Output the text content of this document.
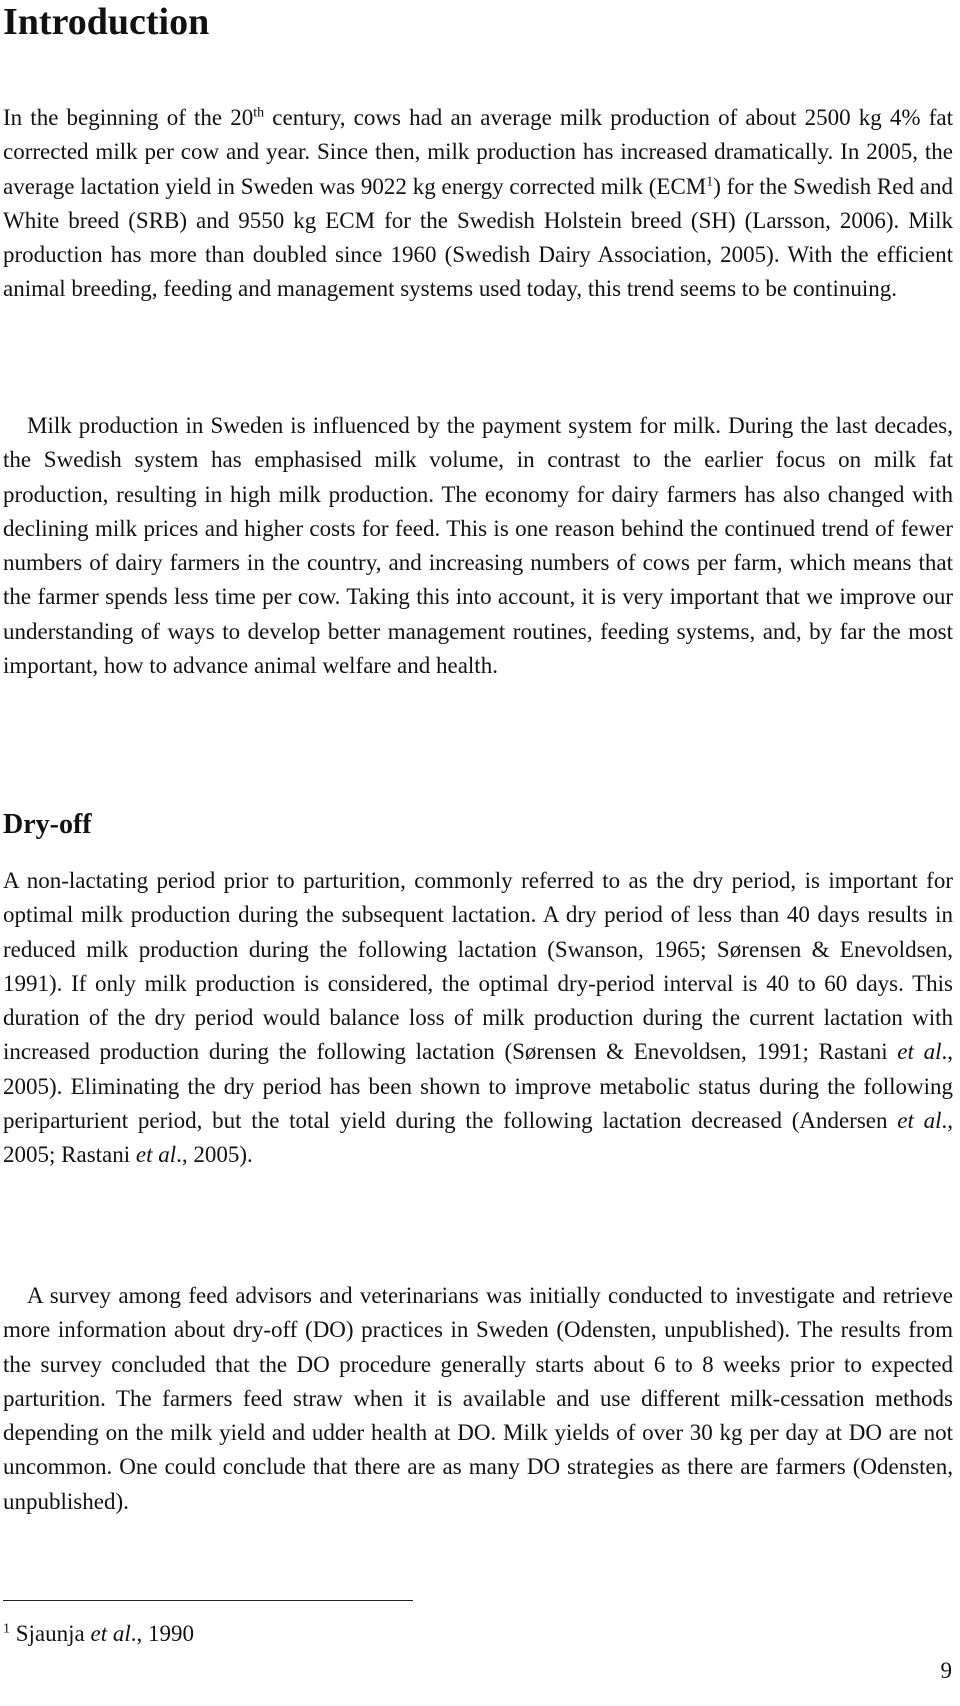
Introduction

In the beginning of the 20th century, cows had an average milk production of about 2500 kg 4% fat corrected milk per cow and year. Since then, milk production has increased dramatically. In 2005, the average lactation yield in Sweden was 9022 kg energy corrected milk (ECM$^1$) for the Swedish Red and White breed (SRB) and 9550 kg ECM for the Swedish Holstein breed (SH) (Larsson, 2006). Milk production has more than doubled since 1960 (Swedish Dairy Association, 2005). With the efficient animal breeding, feeding and management systems used today, this trend seems to be continuing.

Milk production in Sweden is influenced by the payment system for milk. During the last decades, the Swedish system has emphasised milk volume, in contrast to the earlier focus on milk fat production, resulting in high milk production. The economy for dairy farmers has also changed with declining milk prices and higher costs for feed. This is one reason behind the continued trend of fewer numbers of dairy farmers in the country, and increasing numbers of cows per farm, which means that the farmer spends less time per cow. Taking this into account, it is very important that we improve our understanding of ways to develop better management routines, feeding systems, and, by far the most important, how to advance animal welfare and health.

Dry-off

A non-lactating period prior to parturition, commonly referred to as the dry period, is important for optimal milk production during the subsequent lactation. A dry period of less than 40 days results in reduced milk production during the following lactation (Swanson, 1965; Sørensen & Enevoldsen, 1991). If only milk production is considered, the optimal dry-period interval is 40 to 60 days. This duration of the dry period would balance loss of milk production during the current lactation with increased production during the following lactation (Sørensen & Enevoldsen, 1991; Rastani et al., 2005). Eliminating the dry period has been shown to improve metabolic status during the following periparturient period, but the total yield during the following lactation decreased (Andersen et al., 2005; Rastani et al., 2005).

A survey among feed advisors and veterinarians was initially conducted to investigate and retrieve more information about dry-off (DO) practices in Sweden (Odensten, unpublished). The results from the survey concluded that the DO procedure generally starts about 6 to 8 weeks prior to expected parturition. The farmers feed straw when it is available and use different milk-cessation methods depending on the milk yield and udder health at DO. Milk yields of over 30 kg per day at DO are not uncommon. One could conclude that there are as many DO strategies as there are farmers (Odensten, unpublished).

$^1$ Sjaunja et al., 1990

9
